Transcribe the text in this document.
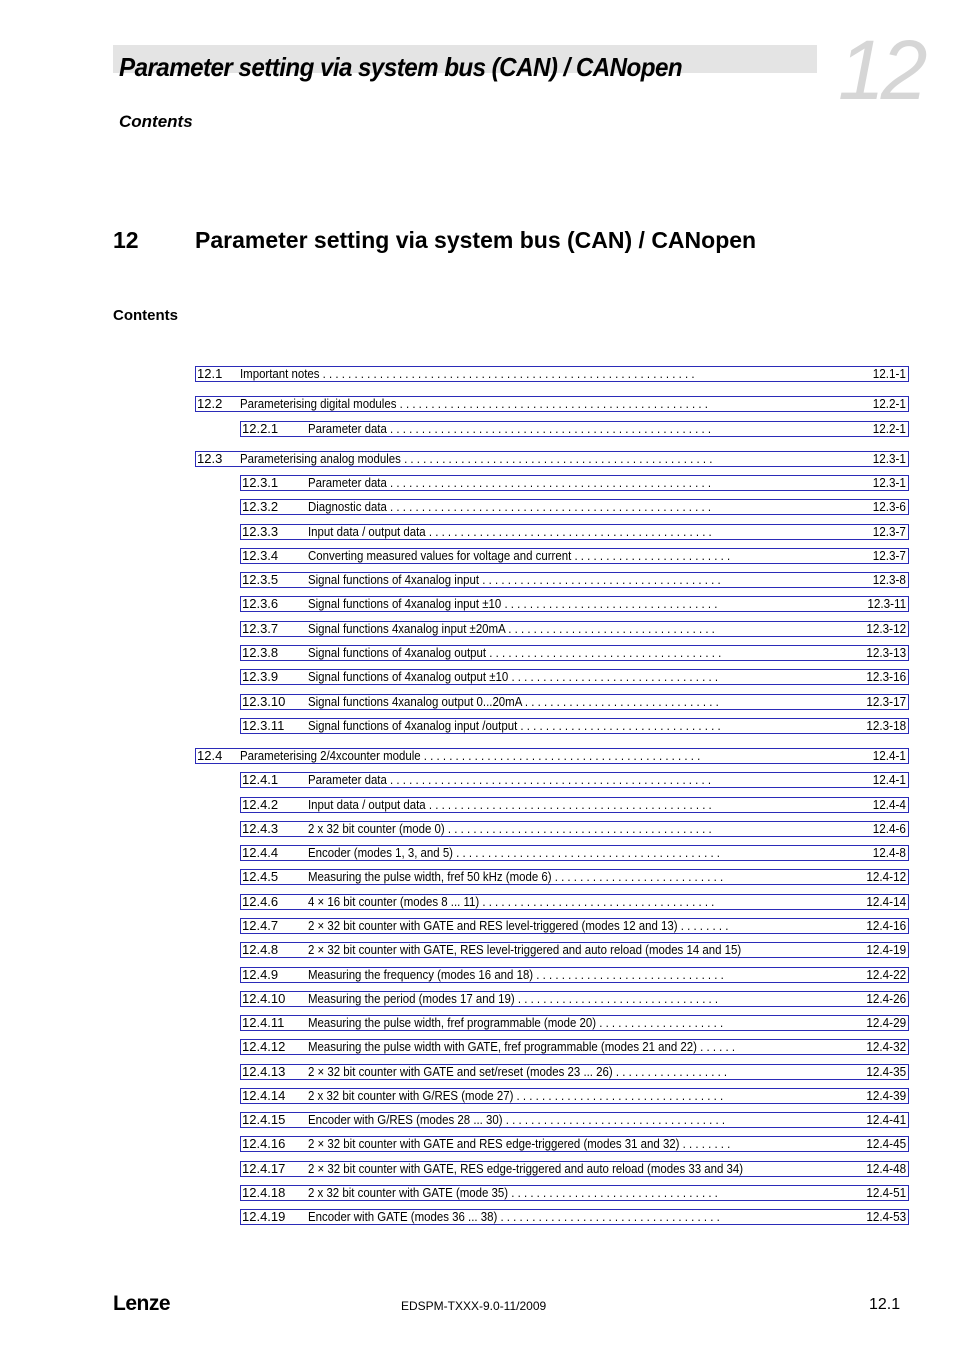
Parameter setting via system bus (CAN) / CANopen 12
Contents
12 Parameter setting via system bus (CAN) / CANopen
Contents
12.1 Important notes . . . . . . . . . . . . . . . . . . . . . . . . . . . . . . . . . . . . . . . . . . . . . . . . . . . . . . . . . . .	12.1-1
12.2 Parameterising digital modules . . . . . . . . . . . . . . . . . . . . . . . . . . . . . . . . . . . . . . . . . . . . . . . . .	12.2-1
12.2.1 Parameter data . . . . . . . . . . . . . . . . . . . . . . . . . . . . . . . . . . . . . . . . . . . . . . . . . . .	12.2-1
12.3 Parameterising analog modules . . . . . . . . . . . . . . . . . . . . . . . . . . . . . . . . . . . . . . . . . . . . . . . . .	12.3-1
12.3.1 Parameter data . . . . . . . . . . . . . . . . . . . . . . . . . . . . . . . . . . . . . . . . . . . . . . . . . . .	12.3-1
12.3.2 Diagnostic data . . . . . . . . . . . . . . . . . . . . . . . . . . . . . . . . . . . . . . . . . . . . . . . . . . .	12.3-6
12.3.3 Input data / output data . . . . . . . . . . . . . . . . . . . . . . . . . . . . . . . . . . . . . . . . . . . . .	12.3-7
12.3.4 Converting measured values for voltage and current . . . . . . . . . . . . . . . . . . . . . . . . .	12.3-7
12.3.5 Signal functions of 4xanalog input . . . . . . . . . . . . . . . . . . . . . . . . . . . . . . . . . . . . . .	12.3-8
12.3.6 Signal functions of 4xanalog input ±10 . . . . . . . . . . . . . . . . . . . . . . . . . . . . . . . . . .	12.3-11
12.3.7 Signal functions 4xanalog input ±20mA . . . . . . . . . . . . . . . . . . . . . . . . . . . . . . . . .	12.3-12
12.3.8 Signal functions of 4xanalog output . . . . . . . . . . . . . . . . . . . . . . . . . . . . . . . . . . . . .	12.3-13
12.3.9 Signal functions of 4xanalog output ±10 . . . . . . . . . . . . . . . . . . . . . . . . . . . . . . . . .	12.3-16
12.3.10 Signal functions 4xanalog output 0...20mA . . . . . . . . . . . . . . . . . . . . . . . . . . . . . . .	12.3-17
12.3.11 Signal functions of 4xanalog input /output . . . . . . . . . . . . . . . . . . . . . . . . . . . . . . . .	12.3-18
12.4 Parameterising 2/4xcounter module . . . . . . . . . . . . . . . . . . . . . . . . . . . . . . . . . . . . . . . . . . . .	12.4-1
12.4.1 Parameter data . . . . . . . . . . . . . . . . . . . . . . . . . . . . . . . . . . . . . . . . . . . . . . . . . . .	12.4-1
12.4.2 Input data / output data . . . . . . . . . . . . . . . . . . . . . . . . . . . . . . . . . . . . . . . . . . . . .	12.4-4
12.4.3 2 x 32 bit counter (mode 0) . . . . . . . . . . . . . . . . . . . . . . . . . . . . . . . . . . . . . . . . . .	12.4-6
12.4.4 Encoder (modes 1, 3, and 5) . . . . . . . . . . . . . . . . . . . . . . . . . . . . . . . . . . . . . . . . . .	12.4-8
12.4.5 Measuring the pulse width, fref 50 kHz (mode 6) . . . . . . . . . . . . . . . . . . . . . . . . . . .	12.4-12
12.4.6 4 × 16 bit counter (modes 8 ... 11) . . . . . . . . . . . . . . . . . . . . . . . . . . . . . . . . . . . . .	12.4-14
12.4.7 2 × 32 bit counter with GATE and RES level-triggered (modes 12 and 13) . . . . . . . .	12.4-16
12.4.8 2 × 32 bit counter with GATE, RES level-triggered and auto reload (modes 14 and 15)	12.4-19
12.4.9 Measuring the frequency (modes 16 and 18) . . . . . . . . . . . . . . . . . . . . . . . . . . . . . .	12.4-22
12.4.10 Measuring the period (modes 17 and 19) . . . . . . . . . . . . . . . . . . . . . . . . . . . . . . . .	12.4-26
12.4.11 Measuring the pulse width, fref programmable (mode 20) . . . . . . . . . . . . . . . . . . . .	12.4-29
12.4.12 Measuring the pulse width with GATE, fref programmable (modes 21 and 22) . . . . . .	12.4-32
12.4.13 2 × 32 bit counter with GATE and set/reset (modes 23 ... 26) . . . . . . . . . . . . . . . . . .	12.4-35
12.4.14 2 x 32 bit counter with G/RES (mode 27) . . . . . . . . . . . . . . . . . . . . . . . . . . . . . . . . .	12.4-39
12.4.15 Encoder with G/RES (modes 28 ... 30) . . . . . . . . . . . . . . . . . . . . . . . . . . . . . . . . . . .	12.4-41
12.4.16 2 × 32 bit counter with GATE and RES edge-triggered (modes 31 and 32) . . . . . . . .	12.4-45
12.4.17 2 × 32 bit counter with GATE, RES edge-triggered and auto reload (modes 33 and 34)	12.4-48
12.4.18 2 x 32 bit counter with GATE (mode 35) . . . . . . . . . . . . . . . . . . . . . . . . . . . . . . . . .	12.4-51
12.4.19 Encoder with GATE (modes 36 ... 38) . . . . . . . . . . . . . . . . . . . . . . . . . . . . . . . . . . .	12.4-53
Lenze	EDSPM-TXXX-9.0-11/2009	12.1
